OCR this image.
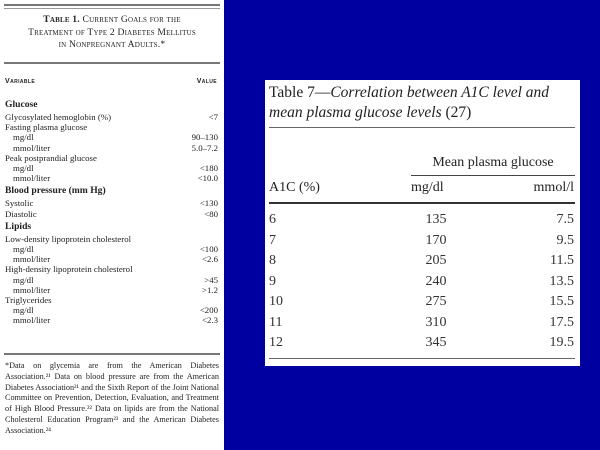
Table 1. Current Goals for the
Treatment of Type 2 Diabetes Mellitus
in Nonpregnant Adults.*
Variable	Value
Glucose
Glycosylated hemoglobin (%)	<7
Fasting plasma glucose
mg/dl	90–130
mmol/liter	5.0–7.2
Peak postprandial glucose
mg/dl	<180
mmol/liter	<10.0
Blood pressure (mm Hg)
Systolic	<130
Diastolic	<80
Lipids
Low-density lipoprotein cholesterol
mg/dl	<100
mmol/liter	<2.6
High-density lipoprotein cholesterol
mg/dl	>45
mmol/liter	>1.2
Triglycerides
mg/dl	<200
mmol/liter	<2.3
*Data on glycemia are from the American Diabetes Association.²¹ Data on blood pressure are from the American Diabetes Association²¹ and the Sixth Report of the Joint National Committee on Prevention, Detection, Evaluation, and Treatment of High Blood Pressure.²² Data on lipids are from the National Cholesterol Education Program²³ and the American Diabetes Association.²⁴
Table 7—Correlation between A1C level and
mean plasma glucose levels (27)
Mean plasma glucose
A1C (%)	mg/dl	mmol/l
6	135	7.5
7	170	9.5
8	205	11.5
9	240	13.5
10	275	15.5
11	310	17.5
12	345	19.5
